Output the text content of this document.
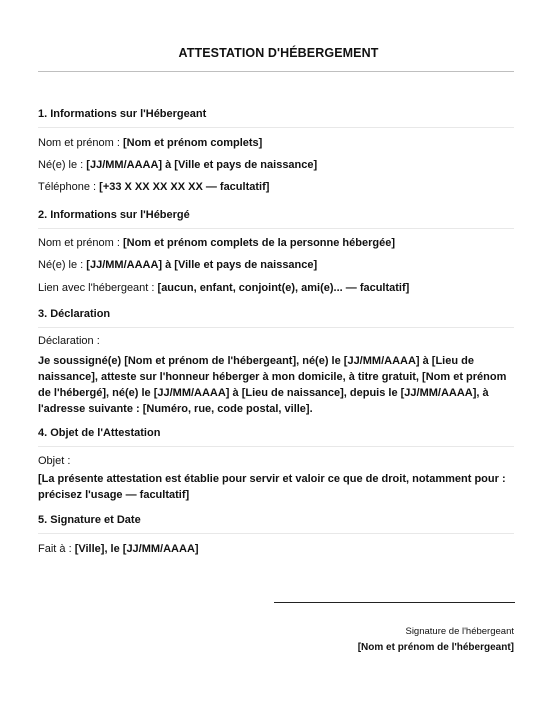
ATTESTATION D'HÉBERGEMENT
1. Informations sur l'Hébergeant
Nom et prénom : [Nom et prénom complets]
Né(e) le : [JJ/MM/AAAA] à [Ville et pays de naissance]
Téléphone : [+33 X XX XX XX XX — facultatif]
2. Informations sur l'Hébergé
Nom et prénom : [Nom et prénom complets de la personne hébergée]
Né(e) le : [JJ/MM/AAAA] à [Ville et pays de naissance]
Lien avec l'hébergeant : [aucun, enfant, conjoint(e), ami(e)... — facultatif]
3. Déclaration
Déclaration :
Je soussigné(e) [Nom et prénom de l'hébergeant], né(e) le [JJ/MM/AAAA] à [Lieu de naissance], atteste sur l'honneur héberger à mon domicile, à titre gratuit, [Nom et prénom de l'hébergé], né(e) le [JJ/MM/AAAA] à [Lieu de naissance], depuis le [JJ/MM/AAAA], à l'adresse suivante : [Numéro, rue, code postal, ville].
4. Objet de l'Attestation
Objet :
[La présente attestation est établie pour servir et valoir ce que de droit, notamment pour : précisez l'usage — facultatif]
5. Signature et Date
Fait à : [Ville], le [JJ/MM/AAAA]
Signature de l'hébergeant
[Nom et prénom de l'hébergeant]
